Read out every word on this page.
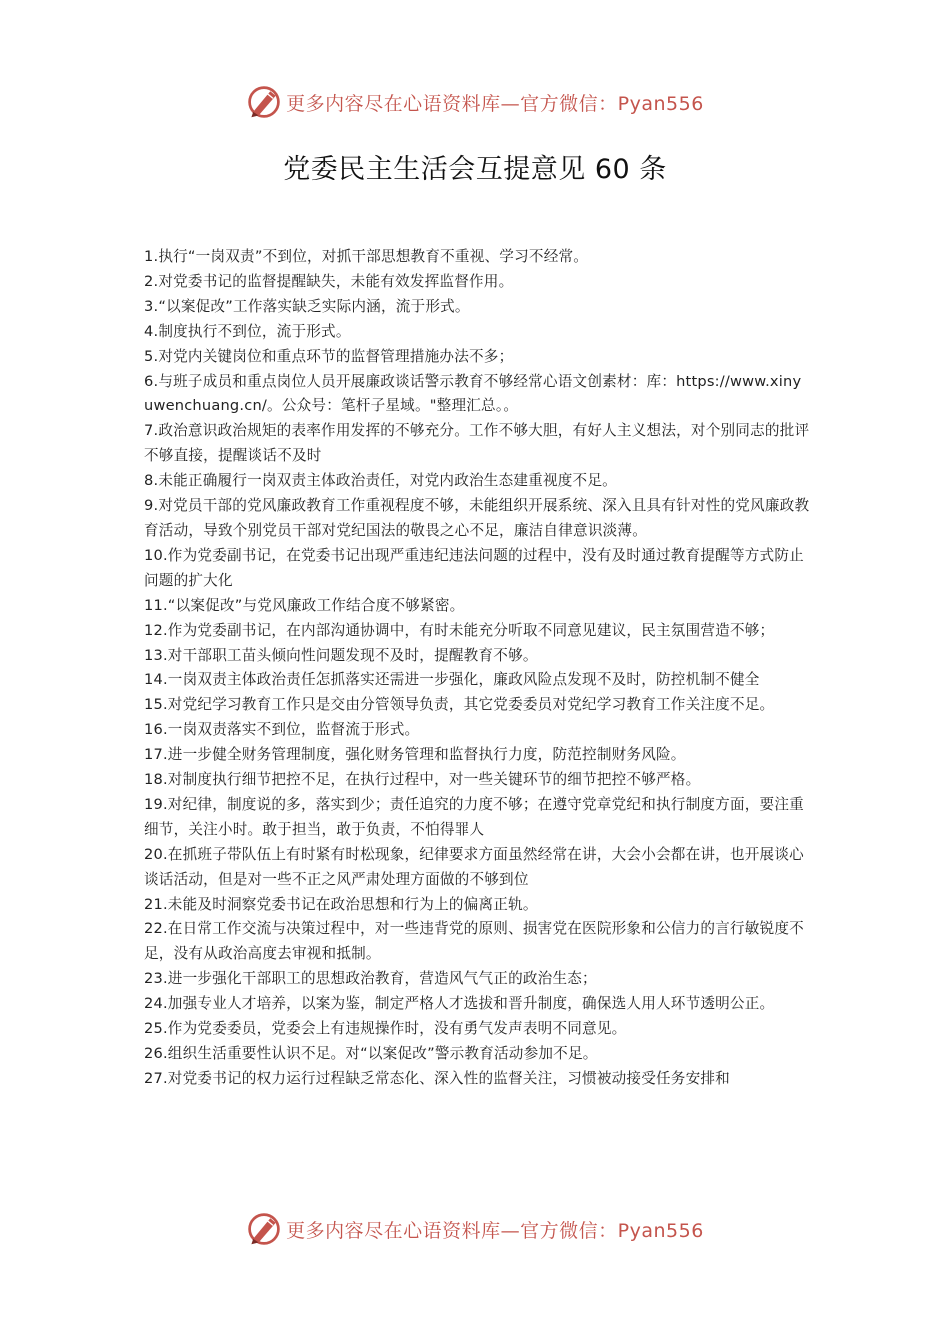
更多内容尽在心语资料库—官方微信：Pyan556
党委民主生活会互提意见 60 条
1.执行“一岗双责”不到位，对抓干部思想教育不重视、学习不经常。
2.对党委书记的监督提醒缺失，未能有效发挥监督作用。
3.“以案促改”工作落实缺乏实际内涵，流于形式。
4.制度执行不到位，流于形式。
5.对党内关键岗位和重点环节的监督管理措施办法不多；
6.与班子成员和重点岗位人员开展廉政谈话警示教育不够经常心语文创素材：库：https://www.xinyuwenchuang.cn/。公众号：笔杆子星域。"整理汇总。。
7.政治意识政治规矩的表率作用发挥的不够充分。工作不够大胆，有好人主义想法，对个别同志的批评不够直接，提醒谈话不及时
8.未能正确履行一岗双责主体政治责任，对党内政治生态建重视度不足。
9.对党员干部的党风廉政教育工作重视程度不够，未能组织开展系统、深入且具有针对性的党风廉政教育活动，导致个别党员干部对党纪国法的敬畏之心不足，廉洁自律意识淡薄。
10.作为党委副书记，在党委书记出现严重违纪违法问题的过程中，没有及时通过教育提醒等方式防止问题的扩大化
11.“以案促改”与党风廉政工作结合度不够紧密。
12.作为党委副书记，在内部沟通协调中，有时未能充分听取不同意见建议，民主氛围营造不够；
13.对干部职工苗头倾向性问题发现不及时，提醒教育不够。
14.一岗双责主体政治责任怎抓落实还需进一步强化，廉政风险点发现不及时，防控机制不健全
15.对党纪学习教育工作只是交由分管领导负责，其它党委委员对党纪学习教育工作关注度不足。
16.一岗双责落实不到位，监督流于形式。
17.进一步健全财务管理制度，强化财务管理和监督执行力度，防范控制财务风险。
18.对制度执行细节把控不足，在执行过程中，对一些关键环节的细节把控不够严格。
19.对纪律，制度说的多，落实到少；责任追究的力度不够；在遵守党章党纪和执行制度方面，要注重细节，关注小时。敢于担当，敢于负责，不怕得罪人
20.在抓班子带队伍上有时紧有时松现象，纪律要求方面虽然经常在讲，大会小会都在讲，也开展谈心谈话活动，但是对一些不正之风严肃处理方面做的不够到位
21.未能及时洞察党委书记在政治思想和行为上的偏离正轨。
22.在日常工作交流与决策过程中，对一些违背党的原则、损害党在医院形象和公信力的言行敏锐度不足，没有从政治高度去审视和抵制。
23.进一步强化干部职工的思想政治教育，营造风气气正的政治生态；
24.加强专业人才培养，以案为鉴，制定严格人才选拔和晋升制度，确保选人用人环节透明公正。
25.作为党委委员，党委会上有违规操作时，没有勇气发声表明不同意见。
26.组织生活重要性认识不足。对“以案促改”警示教育活动参加不足。
27.对党委书记的权力运行过程缺乏常态化、深入性的监督关注，习惯被动接受任务安排和
更多内容尽在心语资料库—官方微信：Pyan556
